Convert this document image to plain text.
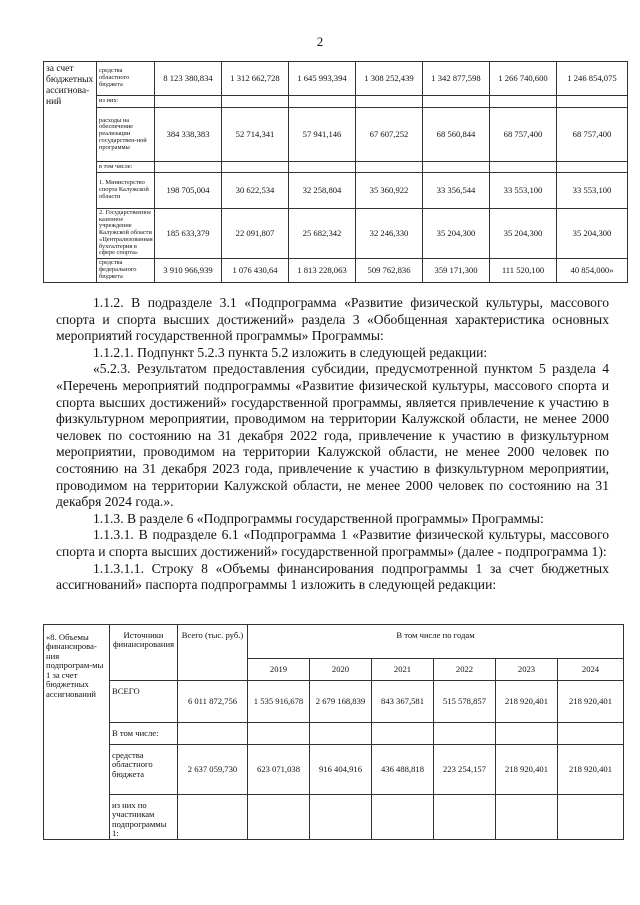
2
за счет бюджетных ассигнова-ний	средства областного бюджета	8 123 380,834	1 312 662,728	1 645 993,394	1 308 252,439	1 342 877,598	1 266 740,600	1 246 854,075
	из них:							
	расходы на обеспечение реализации государствен-ной программы	384 338,383	52 714,341	57 941,146	67 607,252	68 560,844	68 757,400	68 757,400
	в том числе:							
	1. Министерство спорта Калужской области	198 705,004	30 622,534	32 258,804	35 360,922	33 356,544	33 553,100	33 553,100
	2. Государственное казенное учреждение Калужской области «Централизованная бухгалтерия в сфере спорта»	185 633,379	22 091,807	25 682,342	32 246,330	35 204,300	35 204,300	35 204,300
	средства федерального бюджета	3 910 966,939	1 076 430,64	1 813 228,063	509 762,836	359 171,300	111 520,100	40 854,000»

1.1.2. В подразделе 3.1 «Подпрограмма «Развитие физической культуры, массового спорта и спорта высших достижений» раздела 3 «Обобщенная характеристика основных мероприятий государственной программы» Программы:

1.1.2.1. Подпункт 5.2.3 пункта 5.2 изложить в следующей редакции:

«5.2.3. Результатом предоставления субсидии, предусмотренной пунктом 5 раздела 4 «Перечень мероприятий подпрограммы «Развитие физической культуры, массового спорта и спорта высших достижений» государственной программы, является привлечение к участию в физкультурном мероприятии, проводимом на территории Калужской области, не менее 2000 человек по состоянию на 31 декабря 2022 года, привлечение к участию в физкультурном мероприятии, проводимом на территории Калужской области, не менее 2000 человек по состоянию на 31 декабря 2023 года, привлечение к участию в физкультурном мероприятии, проводимом на территории Калужской области, не менее 2000 человек по состоянию на 31 декабря 2024 года.».

1.1.3. В разделе 6 «Подпрограммы государственной программы» Программы:

1.1.3.1. В подразделе 6.1 «Подпрограмма 1 «Развитие физической культуры, массового спорта и спорта высших достижений» государственной программы» (далее - подпрограмма 1):

1.1.3.1.1. Строку 8 «Объемы финансирования подпрограммы 1 за счет бюджетных ассигнований» паспорта подпрограммы 1 изложить в следующей редакции:

«8. Объемы финансирова-ния подпрограм-мы 1 за счет бюджетных ассигнований	Источники финансирования	Всего (тыс. руб.)	В том числе по годам					
			2019	2020	2021	2022	2023	2024
	ВСЕГО	6 011 872,756	1 535 916,678	2 679 168,839	843 367,581	515 578,857	218 920,401	218 920,401
	В том числе:							
	средства областного бюджета	2 637 059,730	623 071,038	916 404,916	436 488,818	223 254,157	218 920,401	218 920,401
	из них по участникам подпрограммы 1:							
